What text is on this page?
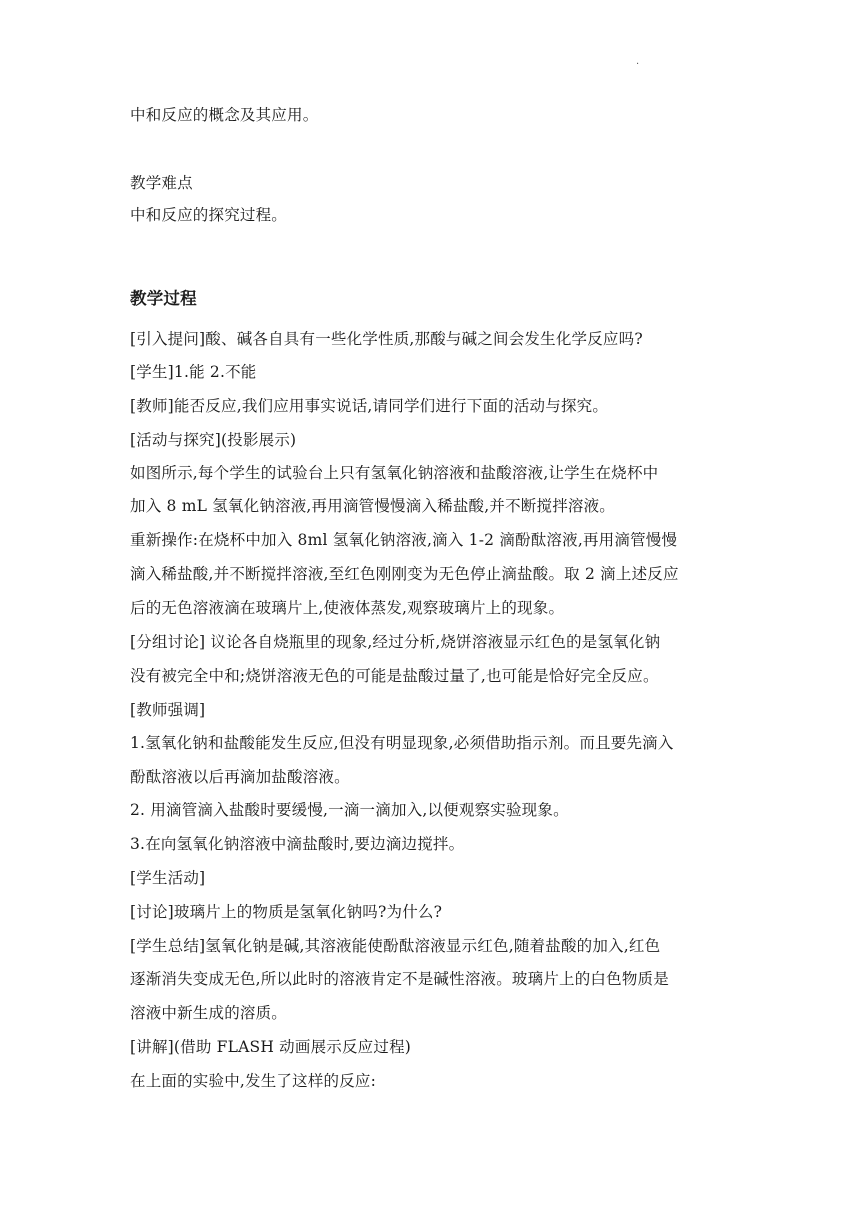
.
中和反应的概念及其应用。
教学难点
中和反应的探究过程。
教学过程
[引入提问]酸、碱各自具有一些化学性质,那酸与碱之间会发生化学反应吗?
[学生]1.能 2.不能
[教师]能否反应,我们应用事实说话,请同学们进行下面的活动与探究。
[活动与探究](投影展示)
如图所示,每个学生的试验台上只有氢氧化钠溶液和盐酸溶液,让学生在烧杯中
加入 8 mL 氢氧化钠溶液,再用滴管慢慢滴入稀盐酸,并不断搅拌溶液。
重新操作:在烧杯中加入 8ml 氢氧化钠溶液,滴入 1-2 滴酚酞溶液,再用滴管慢慢
滴入稀盐酸,并不断搅拌溶液,至红色刚刚变为无色停止滴盐酸。取 2 滴上述反应
后的无色溶液滴在玻璃片上,使液体蒸发,观察玻璃片上的现象。
[分组讨论] 议论各自烧瓶里的现象,经过分析,烧饼溶液显示红色的是氢氧化钠
没有被完全中和;烧饼溶液无色的可能是盐酸过量了,也可能是恰好完全反应。
[教师强调]
1.氢氧化钠和盐酸能发生反应,但没有明显现象,必须借助指示剂。而且要先滴入
酚酞溶液以后再滴加盐酸溶液。
2. 用滴管滴入盐酸时要缓慢,一滴一滴加入,以便观察实验现象。
3.在向氢氧化钠溶液中滴盐酸时,要边滴边搅拌。
[学生活动]
[讨论]玻璃片上的物质是氢氧化钠吗?为什么?
[学生总结]氢氧化钠是碱,其溶液能使酚酞溶液显示红色,随着盐酸的加入,红色
逐渐消失变成无色,所以此时的溶液肯定不是碱性溶液。玻璃片上的白色物质是
溶液中新生成的溶质。
[讲解](借助 FLASH 动画展示反应过程)
在上面的实验中,发生了这样的反应:
